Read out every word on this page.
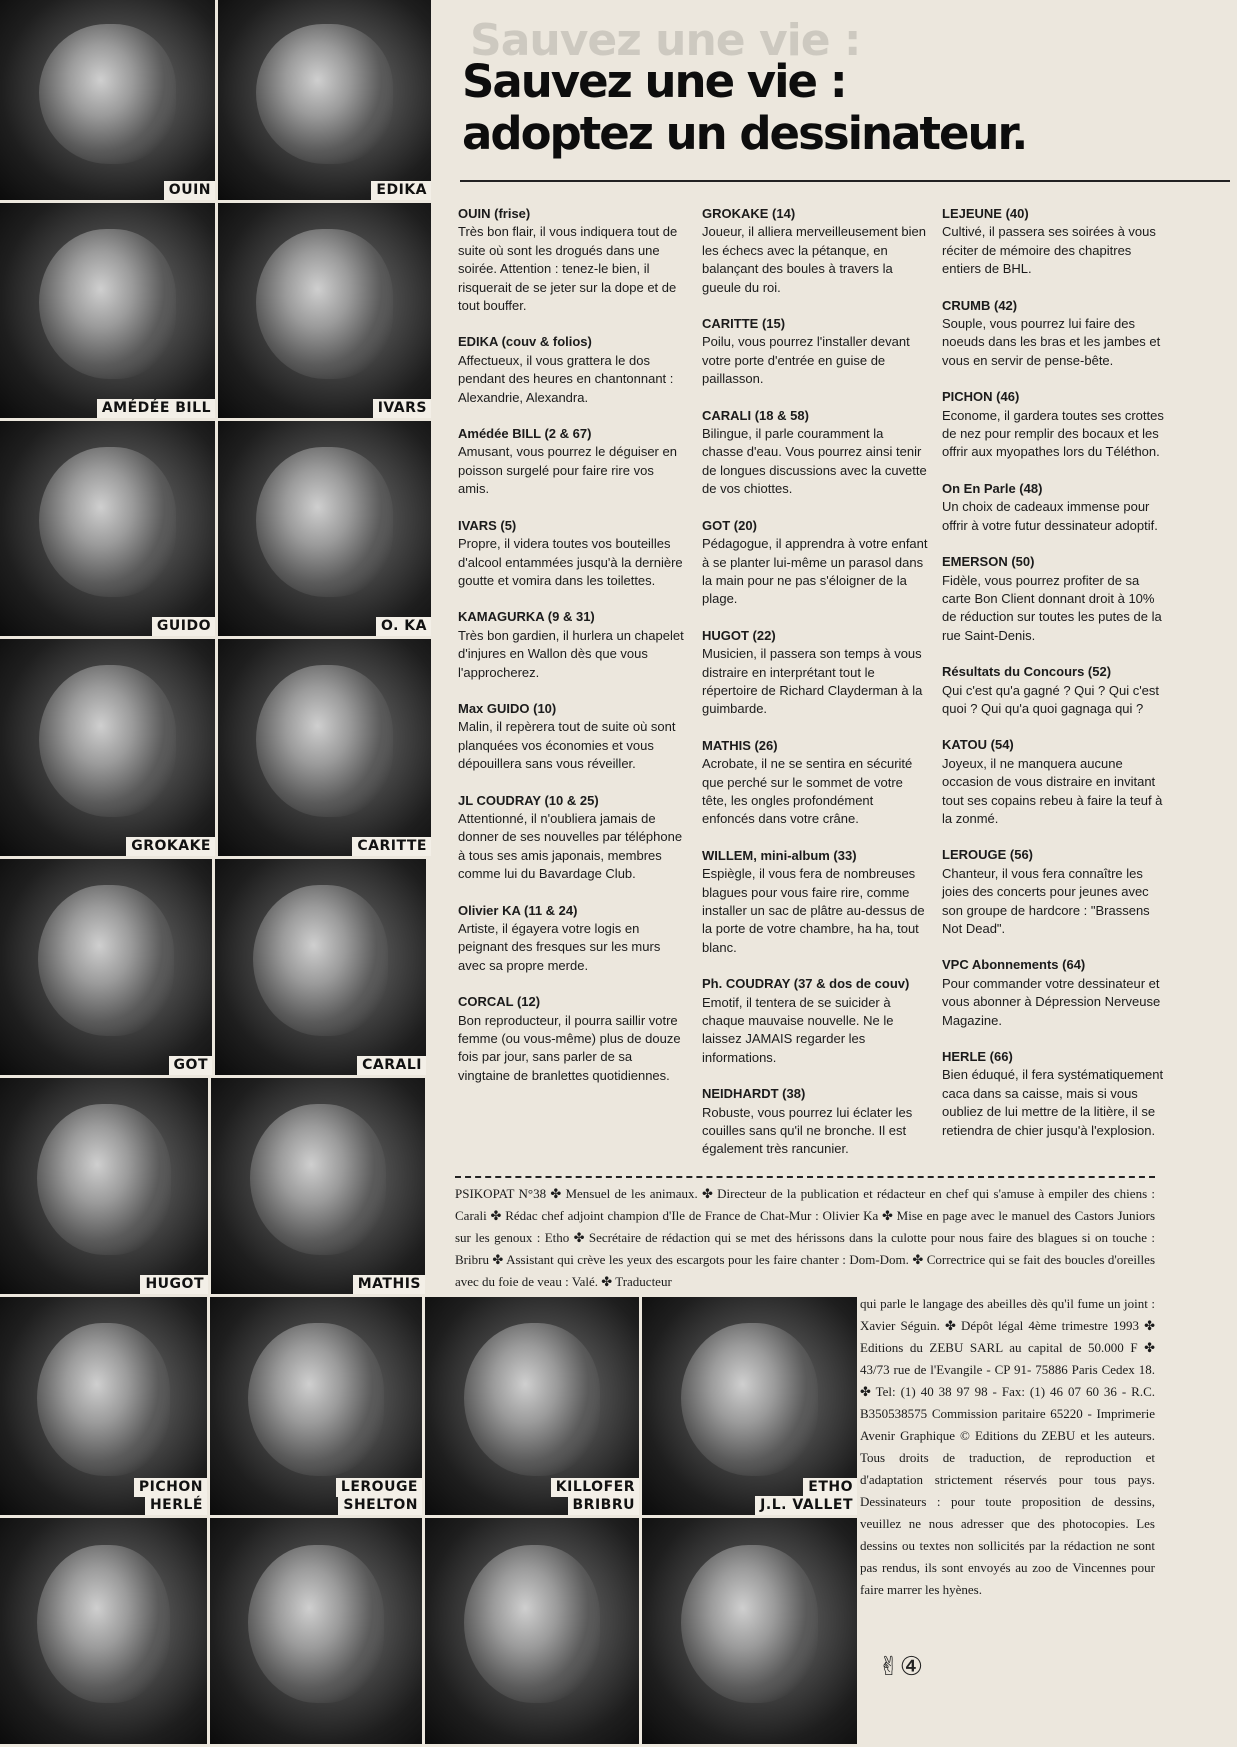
OUIN	EDIKA
AMÉDÉE BILL	IVARS
GUIDO	O. KA
GROKAKE	CARITTE
GOT	CARALI
HUGOT	MATHIS
PICHON
HERLÉ
LEROUGE
SHELTON
KILLOFER
BRIBRU
ETHO
J.L. VALLET
Sauvez une vie :
Sauvez une vie :
adoptez un dessinateur.
OUIN (frise)
Très bon flair, il vous indiquera tout de suite où sont les drogués dans une soirée. Attention : tenez-le bien, il risquerait de se jeter sur la dope et de tout bouffer.
EDIKA (couv & folios)
Affectueux, il vous grattera le dos pendant des heures en chantonnant : Alexandrie, Alexandra.
Amédée BILL (2 & 67)
Amusant, vous pourrez le déguiser en poisson surgelé pour faire rire vos amis.
IVARS (5)
Propre, il videra toutes vos bouteilles d'alcool entammées jusqu'à la dernière goutte et vomira dans les toilettes.
KAMAGURKA (9 & 31)
Très bon gardien, il hurlera un chapelet d'injures en Wallon dès que vous l'approcherez.
Max GUIDO (10)
Malin, il repèrera tout de suite où sont planquées vos économies et vous dépouillera sans vous réveiller.
JL COUDRAY (10 & 25)
Attentionné, il n'oubliera jamais de donner de ses nouvelles par téléphone à tous ses amis japonais, membres comme lui du Bavardage Club.
Olivier KA (11 & 24)
Artiste, il égayera votre logis en peignant des fresques sur les murs avec sa propre merde.
CORCAL (12)
Bon reproducteur, il pourra saillir votre femme (ou vous-même) plus de douze fois par jour, sans parler de sa vingtaine de branlettes quotidiennes.
GROKAKE (14)
Joueur, il alliera merveilleusement bien les échecs avec la pétanque, en balançant des boules à travers la gueule du roi.
CARITTE (15)
Poilu, vous pourrez l'installer devant votre porte d'entrée en guise de paillasson.
CARALI (18 & 58)
Bilingue, il parle couramment la chasse d'eau. Vous pourrez ainsi tenir de longues discussions avec la cuvette de vos chiottes.
GOT (20)
Pédagogue, il apprendra à votre enfant à se planter lui-même un parasol dans la main pour ne pas s'éloigner de la plage.
HUGOT (22)
Musicien, il passera son temps à vous distraire en interprétant tout le répertoire de Richard Clayderman à la guimbarde.
MATHIS (26)
Acrobate, il ne se sentira en sécurité que perché sur le sommet de votre tête, les ongles profondément enfoncés dans votre crâne.
WILLEM, mini-album (33)
Espiègle, il vous fera de nombreuses blagues pour vous faire rire, comme installer un sac de plâtre au-dessus de la porte de votre chambre, ha ha, tout blanc.
Ph. COUDRAY (37 & dos de couv)
Emotif, il tentera de se suicider à chaque mauvaise nouvelle. Ne le laissez JAMAIS regarder les informations.
NEIDHARDT (38)
Robuste, vous pourrez lui éclater les couilles sans qu'il ne bronche. Il est également très rancunier.
LEJEUNE (40)
Cultivé, il passera ses soirées à vous réciter de mémoire des chapitres entiers de BHL.
CRUMB (42)
Souple, vous pourrez lui faire des noeuds dans les bras et les jambes et vous en servir de pense-bête.
PICHON (46)
Econome, il gardera toutes ses crottes de nez pour remplir des bocaux et les offrir aux myopathes lors du Téléthon.
On En Parle (48)
Un choix de cadeaux immense pour offrir à votre futur dessinateur adoptif.
EMERSON (50)
Fidèle, vous pourrez profiter de sa carte Bon Client donnant droit à 10% de réduction sur toutes les putes de la rue Saint-Denis.
Résultats du Concours (52)
Qui c'est qu'a gagné ? Qui ? Qui c'est quoi ? Qui qu'a quoi gagnaga qui ?
KATOU (54)
Joyeux, il ne manquera aucune occasion de vous distraire en invitant tout ses copains rebeu à faire la teuf à la zonmé.
LEROUGE (56)
Chanteur, il vous fera connaître les joies des concerts pour jeunes avec son groupe de hardcore : "Brassens Not Dead".
VPC Abonnements (64)
Pour commander votre dessinateur et vous abonner à Dépression Nerveuse Magazine.
HERLE (66)
Bien éduqué, il fera systématiquement caca dans sa caisse, mais si vous oubliez de lui mettre de la litière, il se retiendra de chier jusqu'à l'explosion.
PSIKOPAT N°38 ✤ Mensuel de les animaux. ✤ Directeur de la publication et rédacteur en chef qui s'amuse à empiler des chiens : Carali ✤ Rédac chef adjoint champion d'Ile de France de Chat-Mur : Olivier Ka ✤ Mise en page avec le manuel des Castors Juniors sur les genoux : Etho ✤ Secrétaire de rédaction qui se met des hérissons dans la culotte pour nous faire des blagues si on touche : Bribru ✤ Assistant qui crève les yeux des escargots pour les faire chanter : Dom-Dom. ✤ Correctrice qui se fait des boucles d'oreilles avec du foie de veau : Valé. ✤ Traducteur
qui parle le langage des abeilles dès qu'il fume un joint : Xavier Séguin. ✤ Dépôt légal 4ème trimestre 1993 ✤ Editions du ZEBU SARL au capital de 50.000 F ✤ 43/73 rue de l'Evangile - CP 91- 75886 Paris Cedex 18. ✤ Tel: (1) 40 38 97 98 - Fax: (1) 46 07 60 36 - R.C. B350538575 Commission paritaire 65220 - Imprimerie Avenir Graphique © Editions du ZEBU et les auteurs. Tous droits de traduction, de reproduction et d'adaptation strictement réservés pour tous pays. Dessinateurs : pour toute proposition de dessins, veuillez ne nous adresser que des photocopies. Les dessins ou textes non sollicités par la rédaction ne sont pas rendus, ils sont envoyés au zoo de Vincennes pour faire marrer les hyènes.
✌④
